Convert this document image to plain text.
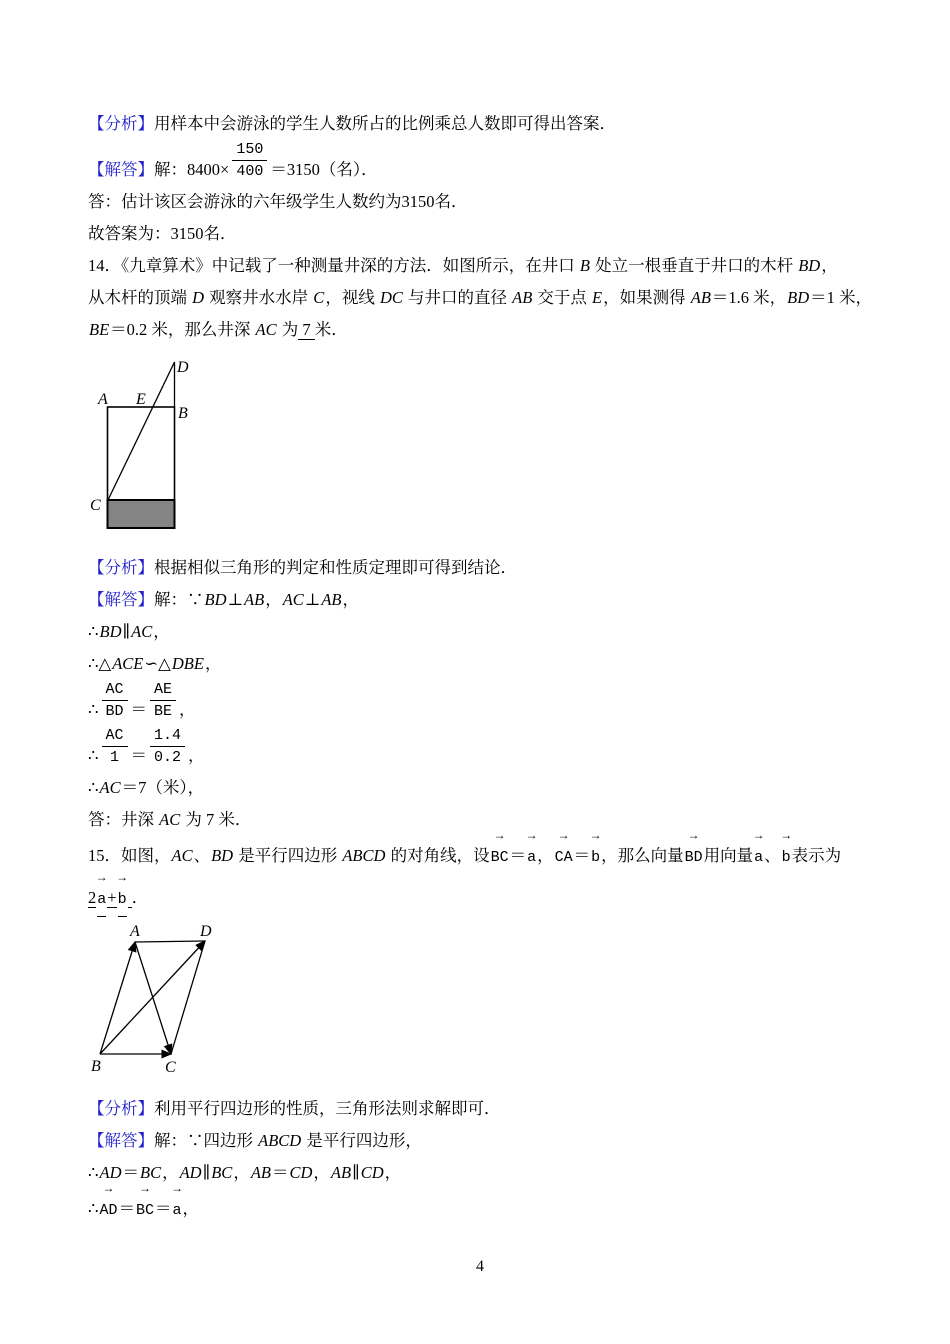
【分析】用样本中会游泳的学生人数所占的比例乘总人数即可得出答案．

【解答】解：$8400\times \frac{150}{400} =3150$（名）．

答：估计该区会游泳的六年级学生人数约为3150名．

故答案为：3150名．

14．《九章算术》中记载了一种测量井深的方法．如图所示，在井口 B 处立一根垂直于井口的木杆 BD，

从木杆的顶端 D 观察井水水岸 C，视线 DC 与井口的直径 AB 交于点 E，如果测得 AB＝1.6 米，BD＝1 米，

BE＝0.2 米，那么井深 AC 为 7 米．

D
A E
B
C

【分析】根据相似三角形的判定和性质定理即可得到结论．

【解答】解：∵BD⊥AB，AC⊥AB，

∴BD∥AC，

∴△ACE∽△DBE，

∴ $\frac{AC}{BD} = \frac{AE}{BE}$ ，

∴ $\frac{AC}{1} = \frac{1.4}{0.2}$ ，

∴AC＝7（米），

答：井深 AC 为 7 米．

15．如图，AC、BD 是平行四边形 ABCD 的对角线，设
→
BC＝
→
a，
→
CA＝
→
b，那么向量
→
BD用向量
→
a、
→
b表示为

2
→
a+
→
b ．

A	D
B	C

【分析】利用平行四边形的性质，三角形法则求解即可．

【解答】解：∵四边形 ABCD 是平行四边形，

∴AD＝BC，AD∥BC，AB＝CD，AB∥CD，

∴
→
AD＝
→
BC＝
→
a，

4
